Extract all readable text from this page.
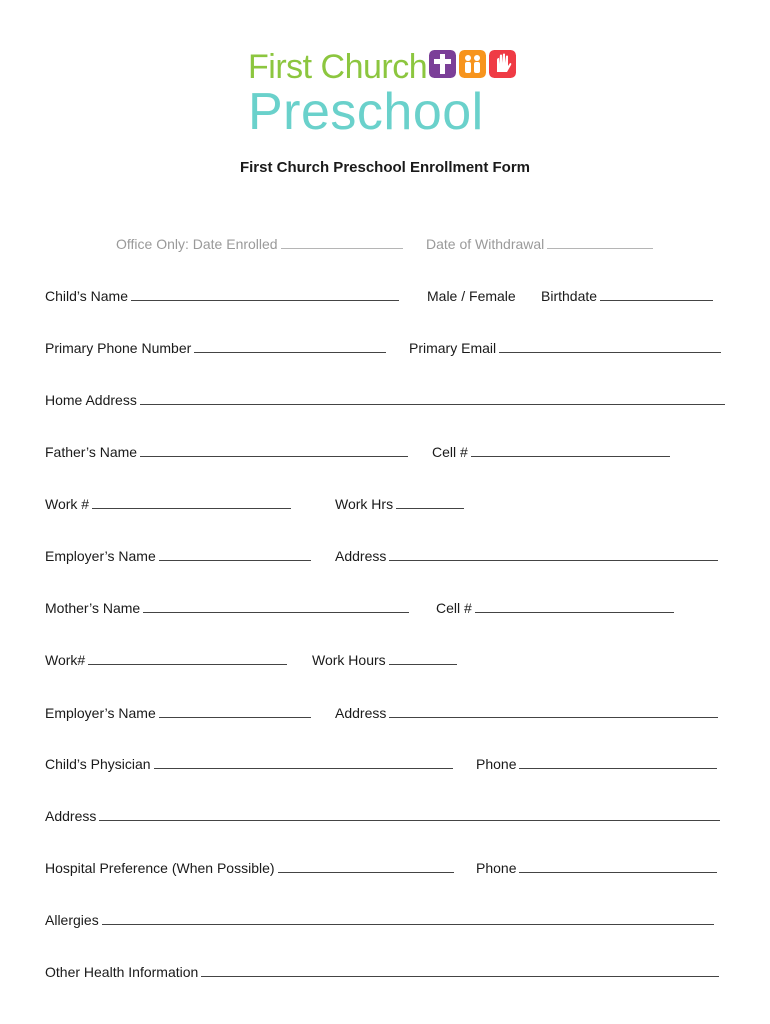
First Church
Preschool
First Church Preschool Enrollment Form
Office Only: Date Enrolled	Date of Withdrawal
Child’s Name	Male / Female Birthdate
Primary Phone Number	Primary Email
Home Address
Father’s Name	Cell #
Work #	Work Hrs
Employer’s Name	Address
Mother’s Name	Cell #
Work#	Work Hours
Employer’s Name	Address
Child’s Physician	Phone
Address
Hospital Preference (When Possible)	Phone
Allergies
Other Health Information
